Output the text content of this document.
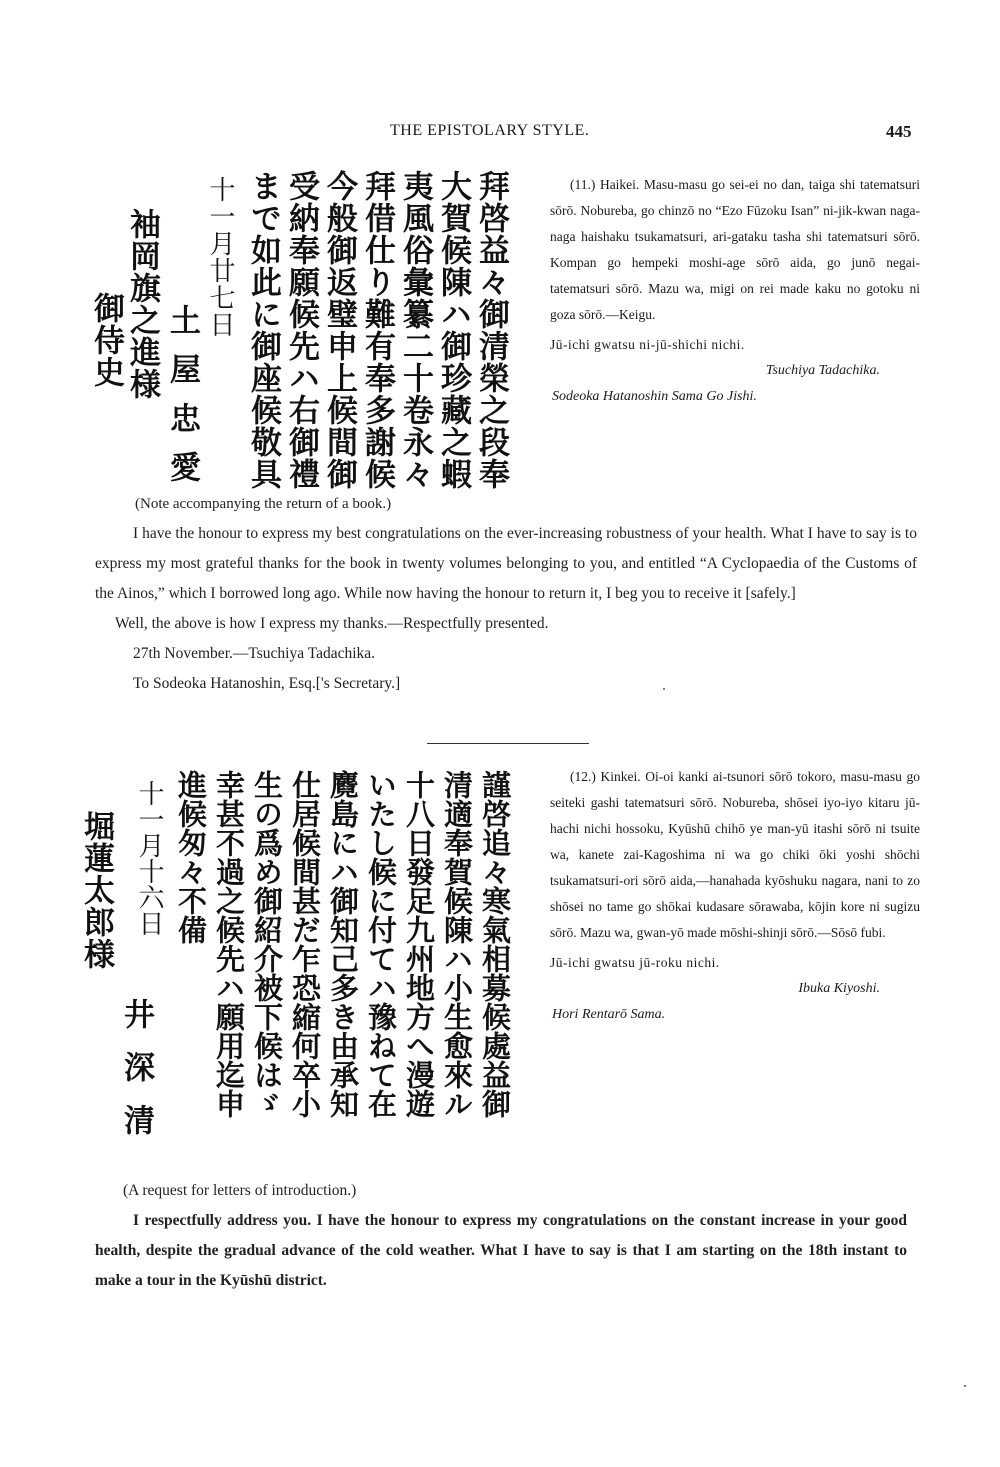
THE EPISTOLARY STYLE.	445
拜啓益々御清榮之段奉
大賀候陳ハ御珍藏之蝦
夷風俗彙纂二十卷永々
拜借仕り難有奉多謝候
今般御返璧申上候間御
受納奉願候先ハ右御禮
まで如此に御座候敬具
十一月廿七日
土屋忠愛
袖岡旗之進様
御侍史
(11.) Haikei. Masu-masu go sei-ei no dan, taiga shi tatematsuri sōrō. Nobureba, go chinzō no “Ezo Fūzoku Isan” ni-jik-kwan naga-naga haishaku tsukamatsuri, ari-gataku tasha shi tatematsuri sōrō. Kompan go hempeki moshi-age sōrō aida, go junō negai-tatematsuri sōrō. Mazu wa, migi on rei made kaku no gotoku ni goza sōrō.—Keigu.
Jū-ichi gwatsu ni-jū-shichi nichi.
Tsuchiya Tadachika.
Sodeoka Hatanoshin Sama Go Jishi.
(Note accompanying the return of a book.)
I have the honour to express my best congratulations on the ever-increasing robustness of your health. What I have to say is to express my most grateful thanks for the book in twenty volumes belonging to you, and entitled “A Cyclopaedia of the Customs of the Ainos,” which I borrowed long ago. While now having the honour to return it, I beg you to receive it [safely.]
Well, the above is how I express my thanks.—Respectfully presented.
27th November.—Tsuchiya Tadachika.
To Sodeoka Hatanoshin, Esq.['s Secretary.]
謹啓追々寒氣相募候處益御
清適奉賀候陳ハ小生愈來ル
十八日發足九州地方へ漫遊
いたし候に付てハ豫ねて在
麑島にハ御知己多き由承知
仕居候間甚だ乍恐縮何卒小
生の爲め御紹介被下候はゞ
幸甚不過之候先ハ願用迄申
進候匆々不備
十一月十六日
井深清
堀蓮太郎様
(12.) Kinkei. Oi-oi kanki ai-tsunori sōrō tokoro, masu-masu go seiteki gashi tatematsuri sōrō. Nobureba, shōsei iyo-iyo kitaru jū-hachi nichi hossoku, Kyūshū chihō ye man-yū itashi sōrō ni tsuite wa, kanete zai-Kagoshima ni wa go chiki ōki yoshi shōchi tsukamatsuri-ori sōrō aida,—hanahada kyōshuku nagara, nani to zo shōsei no tame go shōkai kudasare sōrawaba, kōjin kore ni sugizu sōrō. Mazu wa, gwan-yō made mōshi-shinji sōrō.—Sōsō fubi.
Jū-ichi gwatsu jū-roku nichi.
Ibuka Kiyoshi.
Hori Rentarō Sama.
(A request for letters of introduction.)
I respectfully address you. I have the honour to express my congratulations on the constant increase in your good health, despite the gradual advance of the cold weather. What I have to say is that I am starting on the 18th instant to make a tour in the Kyūshū district.
